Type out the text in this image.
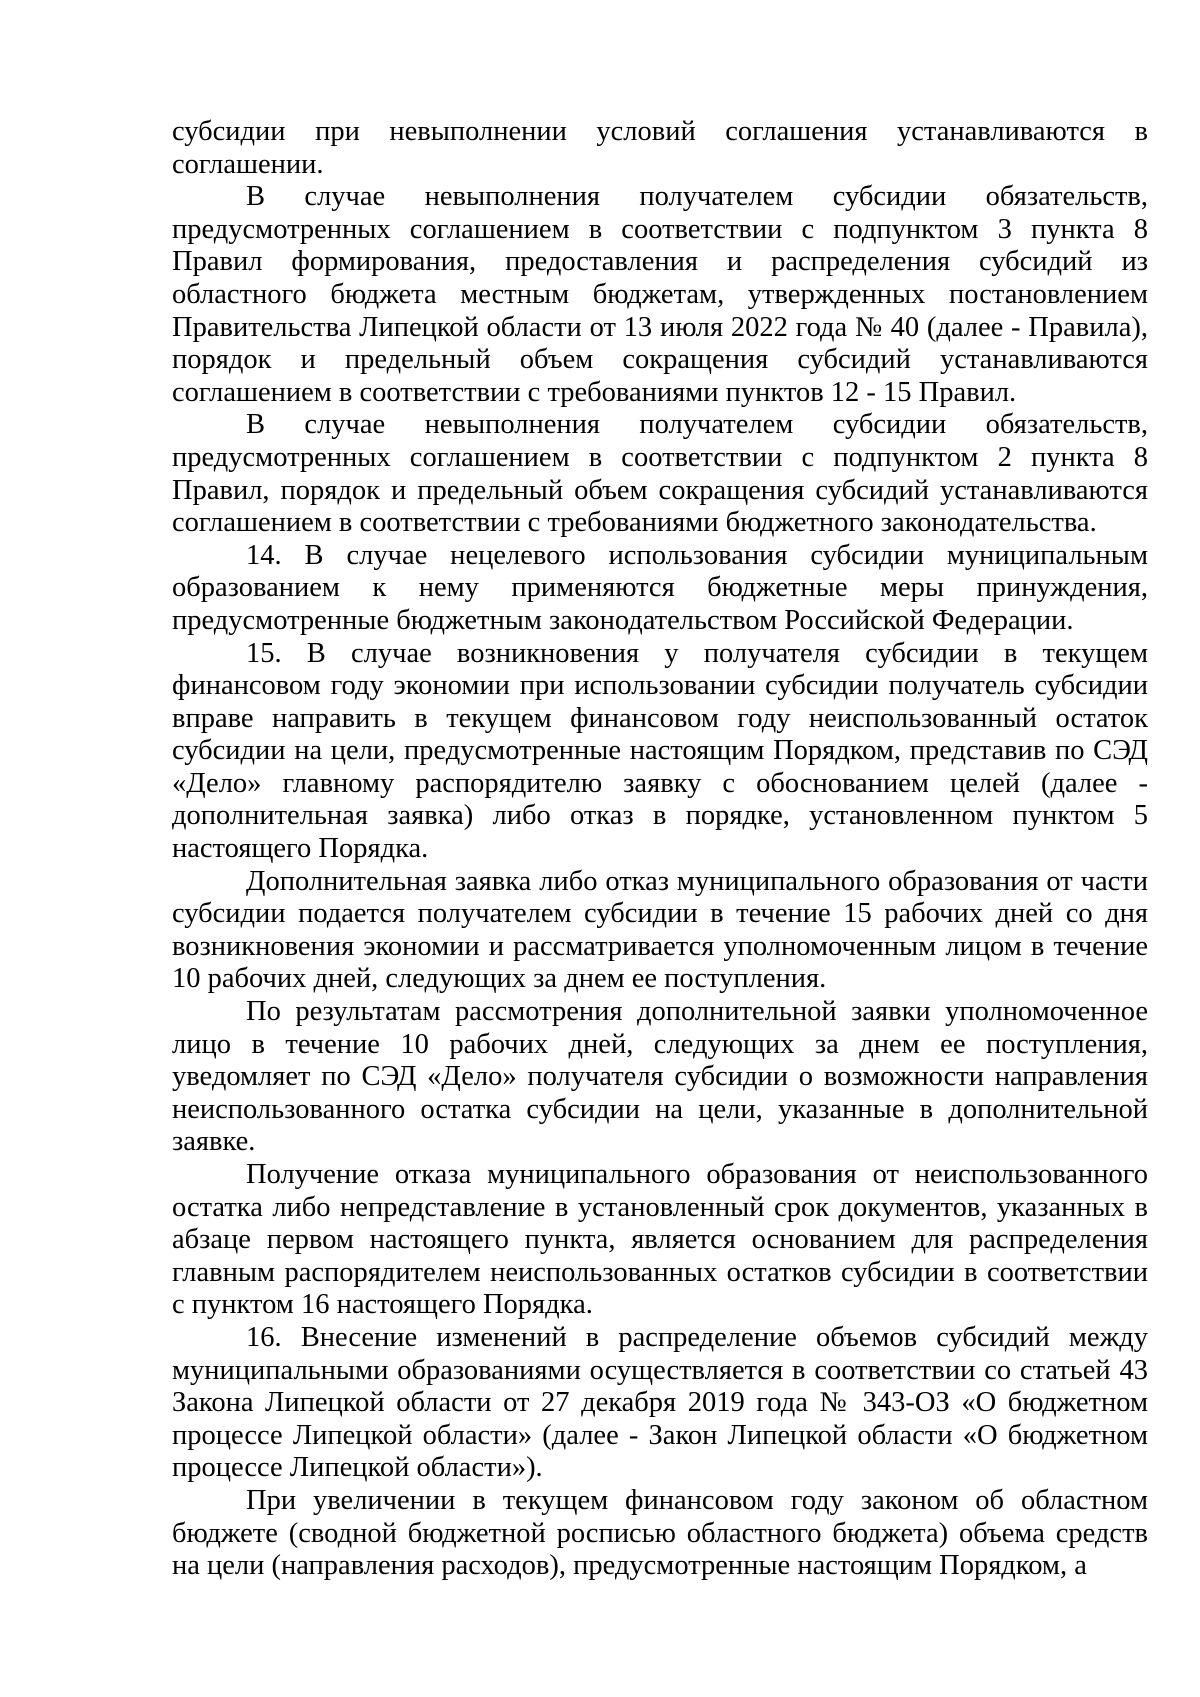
субсидии при невыполнении условий соглашения устанавливаются в соглашении.

В случае невыполнения получателем субсидии обязательств, предусмотренных соглашением в соответствии с подпунктом 3 пункта 8 Правил формирования, предоставления и распределения субсидий из областного бюджета местным бюджетам, утвержденных постановлением Правительства Липецкой области от 13 июля 2022 года № 40 (далее - Правила), порядок и предельный объем сокращения субсидий устанавливаются соглашением в соответствии с требованиями пунктов 12 - 15 Правил.

В случае невыполнения получателем субсидии обязательств, предусмотренных соглашением в соответствии с подпунктом 2 пункта 8 Правил, порядок и предельный объем сокращения субсидий устанавливаются соглашением в соответствии с требованиями бюджетного законодательства.

14. В случае нецелевого использования субсидии муниципальным образованием к нему применяются бюджетные меры принуждения, предусмотренные бюджетным законодательством Российской Федерации.

15. В случае возникновения у получателя субсидии в текущем финансовом году экономии при использовании субсидии получатель субсидии вправе направить в текущем финансовом году неиспользованный остаток субсидии на цели, предусмотренные настоящим Порядком, представив по СЭД «Дело» главному распорядителю заявку с обоснованием целей (далее - дополнительная заявка) либо отказ в порядке, установленном пунктом 5 настоящего Порядка.

Дополнительная заявка либо отказ муниципального образования от части субсидии подается получателем субсидии в течение 15 рабочих дней со дня возникновения экономии и рассматривается уполномоченным лицом в течение 10 рабочих дней, следующих за днем ее поступления.

По результатам рассмотрения дополнительной заявки уполномоченное лицо в течение 10 рабочих дней, следующих за днем ее поступления, уведомляет по СЭД «Дело» получателя субсидии о возможности направления неиспользованного остатка субсидии на цели, указанные в дополнительной заявке.

Получение отказа муниципального образования от неиспользованного остатка либо непредставление в установленный срок документов, указанных в абзаце первом настоящего пункта, является основанием для распределения главным распорядителем неиспользованных остатков субсидии в соответствии с пунктом 16 настоящего Порядка.

16. Внесение изменений в распределение объемов субсидий между муниципальными образованиями осуществляется в соответствии со статьей 43 Закона Липецкой области от 27 декабря 2019 года № 343-ОЗ «О бюджетном процессе Липецкой области» (далее - Закон Липецкой области «О бюджетном процессе Липецкой области»).

При увеличении в текущем финансовом году законом об областном бюджете (сводной бюджетной росписью областного бюджета) объема средств на цели (направления расходов), предусмотренные настоящим Порядком, а
